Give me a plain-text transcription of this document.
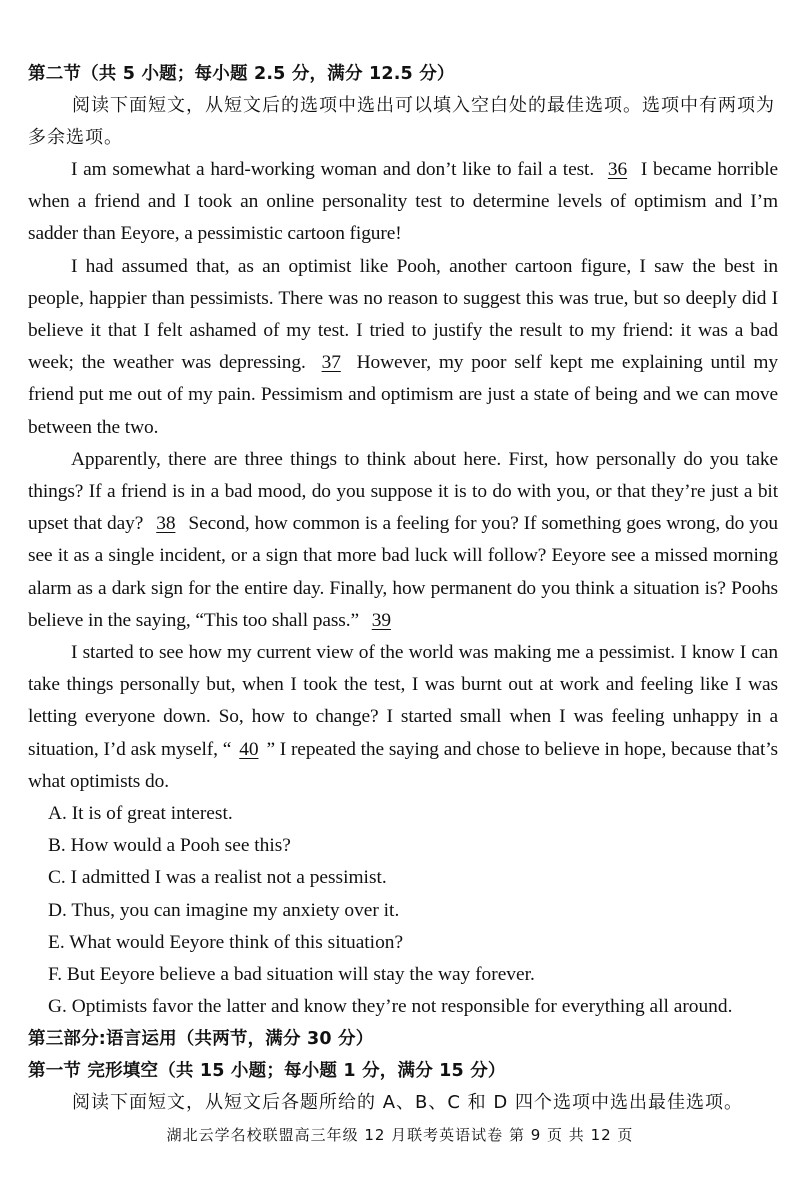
第二节（共 5 小题；每小题 2.5 分，满分 12.5 分）

阅读下面短文，从短文后的选项中选出可以填入空白处的最佳选项。选项中有两项为多余选项。

I am somewhat a hard-working woman and don’t like to fail a test. 36 I became horrible when a friend and I took an online personality test to determine levels of optimism and I’m sadder than Eeyore, a pessimistic cartoon figure!

I had assumed that, as an optimist like Pooh, another cartoon figure, I saw the best in people, happier than pessimists. There was no reason to suggest this was true, but so deeply did I believe it that I felt ashamed of my test. I tried to justify the result to my friend: it was a bad week; the weather was depressing. 37 However, my poor self kept me explaining until my friend put me out of my pain. Pessimism and optimism are just a state of being and we can move between the two.

Apparently, there are three things to think about here. First, how personally do you take things? If a friend is in a bad mood, do you suppose it is to do with you, or that they’re just a bit upset that day? 38 Second, how common is a feeling for you? If something goes wrong, do you see it as a single incident, or a sign that more bad luck will follow? Eeyore see a missed morning alarm as a dark sign for the entire day. Finally, how permanent do you think a situation is? Poohs believe in the saying, “This too shall pass.” 39

I started to see how my current view of the world was making me a pessimist. I know I can take things personally but, when I took the test, I was burnt out at work and feeling like I was letting everyone down. So, how to change? I started small when I was feeling unhappy in a situation, I’d ask myself, “ 40 ” I repeated the saying and chose to believe in hope, because that’s what optimists do.

A. It is of great interest.

B. How would a Pooh see this?

C. I admitted I was a realist not a pessimist.

D. Thus, you can imagine my anxiety over it.

E. What would Eeyore think of this situation?

F. But Eeyore believe a bad situation will stay the way forever.

G. Optimists favor the latter and know they’re not responsible for everything all around.

第三部分:语言运用（共两节，满分 30 分）
第一节 完形填空（共 15 小题；每小题 1 分，满分 15 分）

阅读下面短文，从短文后各题所给的 A、B、C 和 D 四个选项中选出最佳选项。

湖北云学名校联盟高三年级 12 月联考英语试卷 第 9 页 共 12 页
